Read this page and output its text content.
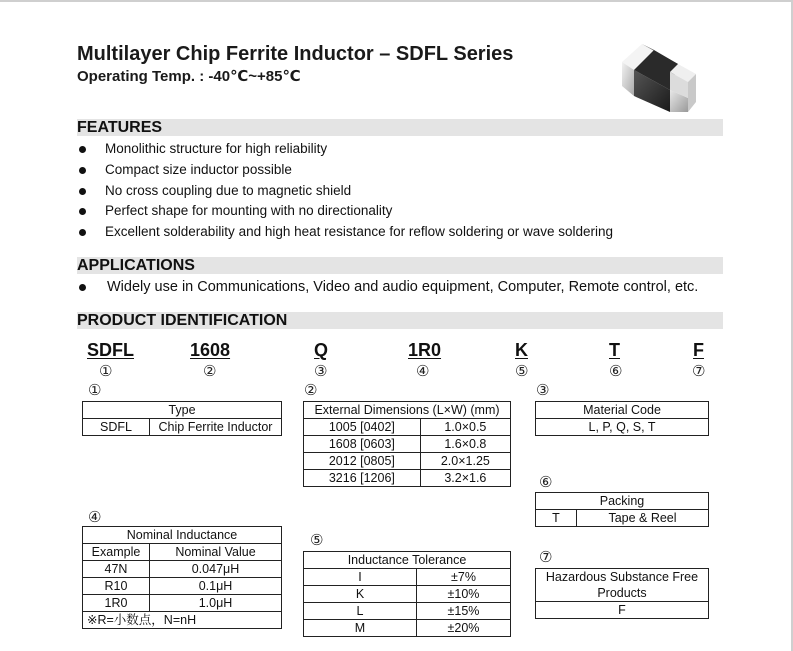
Multilayer Chip Ferrite Inductor – SDFL Series
Operating Temp. : -40℃~+85℃
FEATURES
Monolithic structure for high reliability
Compact size inductor possible
No cross coupling due to magnetic shield
Perfect shape for mounting with no directionality
Excellent solderability and high heat resistance for reflow soldering or wave soldering
APPLICATIONS
Widely use in Communications, Video and audio equipment, Computer, Remote control, etc.
PRODUCT IDENTIFICATION
SDFL	1608	Q	1R0	K	T	F
①	②	③	④	⑤	⑥	⑦
①
Type
SDFL	Chip Ferrite Inductor
②
External Dimensions (L×W) (mm)	
1005 [0402]	1.0×0.5
1608 [0603]	1.6×0.8
2012 [0805]	2.0×1.25
3216 [1206]	3.2×1.6
③
Material Code
L, P, Q, S, T
⑥
Packing
T	Tape & Reel
④
Nominal Inductance	
Example	Nominal Value
47N	0.047μH
R10	0.1μH
1R0	1.0μH
※R=小数点，N=nH	
⑤
Inductance Tolerance	
I	±7%
K	±10%
L	±15%
M	±20%
⑦
Hazardous Substance Free Products
F
